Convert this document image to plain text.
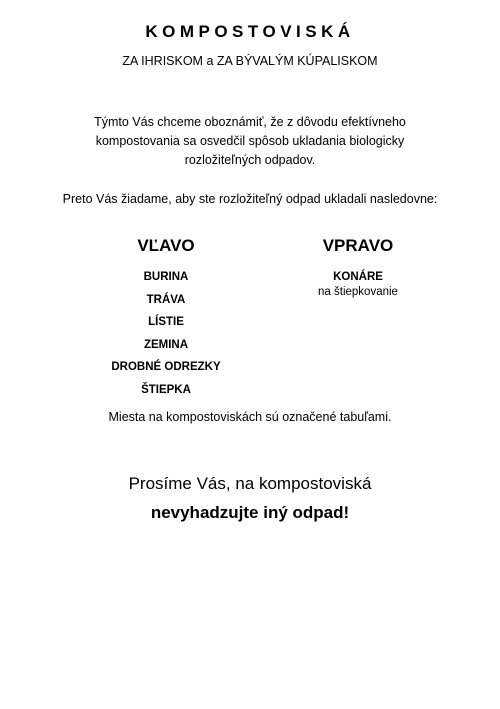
KOMPOSTOVISKÁ
ZA IHRISKOM a ZA BÝVALÝM KÚPALISKOM
Týmto Vás chceme oboznámiť, že z dôvodu efektívneho
kompostovania sa osvedčil spôsob ukladania biologicky
rozložiteľných odpadov.
Preto Vás žiadame, aby ste rozložiteľný odpad ukladali nasledovne:
VĽAVO
BURINA
TRÁVA
LÍSTIE
ZEMINA
DROBNÉ ODREZKY
ŠTIEPKA
VPRAVO
KONÁRE
na štiepkovanie
Miesta na kompostoviskách sú označené tabuľami.
Prosíme Vás, na kompostoviská
nevyhadzujte iný odpad!
